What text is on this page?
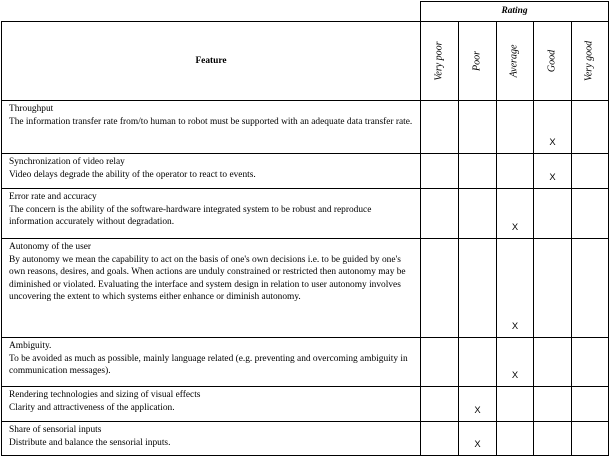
	Rating				
Feature	Very poor	Poor	Average	Good	Very good

Throughput
The information transfer rate from/to human to robot must be supported with an adequate data transfer rate.				X	

Synchronization of video relay
Video delays degrade the ability of the operator to react to events.				X	

Error rate and accuracy
The concern is the ability of the software-hardware integrated system to be robust and reproduce information accurately without degradation.			X		

Autonomy of the user
By autonomy we mean the capability to act on the basis of one's own decisions i.e. to be guided by one's own reasons, desires, and goals. When actions are unduly constrained or restricted then autonomy may be diminished or violated. Evaluating the interface and system design in relation to user autonomy involves uncovering the extent to which systems either enhance or diminish autonomy.			X		

Ambiguity.
To be avoided as much as possible, mainly language related (e.g. preventing and overcoming ambiguity in communication messages).			X		

Rendering technologies and sizing of visual effects
Clarity and attractiveness of the application.		X			

Share of sensorial inputs
Distribute and balance the sensorial inputs.		X			
